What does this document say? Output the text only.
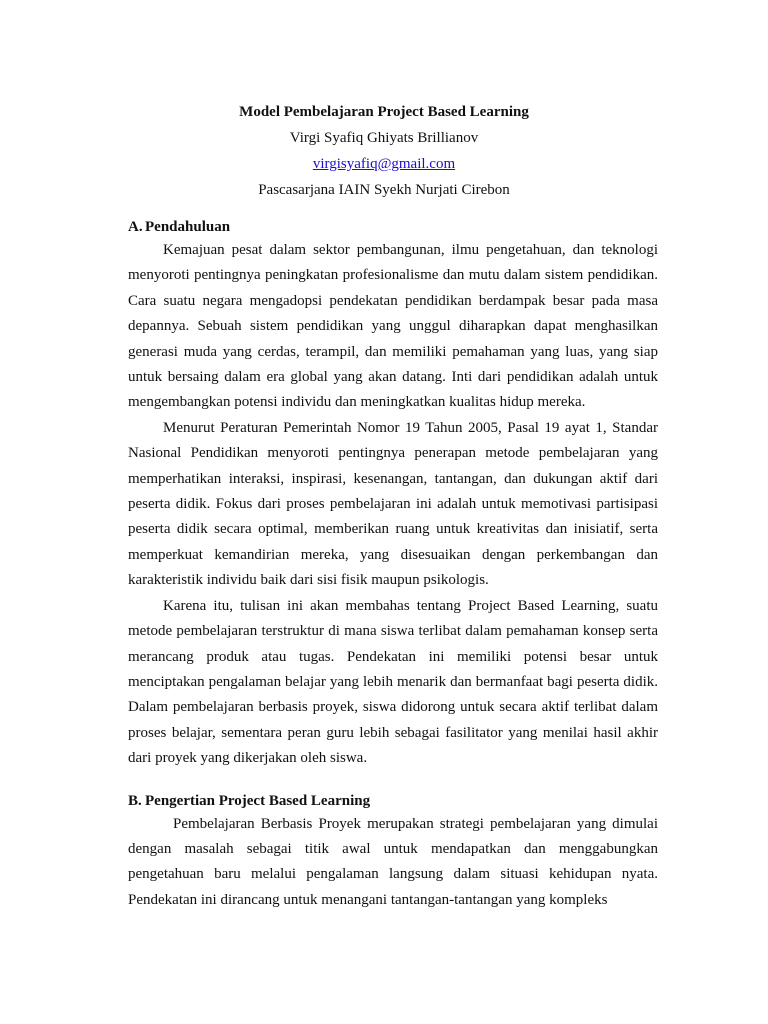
Model Pembelajaran Project Based Learning
Virgi Syafiq Ghiyats Brillianov
virgisyafiq@gmail.com
Pascasarjana IAIN Syekh Nurjati Cirebon

A. Pendahuluan

Kemajuan pesat dalam sektor pembangunan, ilmu pengetahuan, dan teknologi menyoroti pentingnya peningkatan profesionalisme dan mutu dalam sistem pendidikan. Cara suatu negara mengadopsi pendekatan pendidikan berdampak besar pada masa depannya. Sebuah sistem pendidikan yang unggul diharapkan dapat menghasilkan generasi muda yang cerdas, terampil, dan memiliki pemahaman yang luas, yang siap untuk bersaing dalam era global yang akan datang. Inti dari pendidikan adalah untuk mengembangkan potensi individu dan meningkatkan kualitas hidup mereka.

Menurut Peraturan Pemerintah Nomor 19 Tahun 2005, Pasal 19 ayat 1, Standar Nasional Pendidikan menyoroti pentingnya penerapan metode pembelajaran yang memperhatikan interaksi, inspirasi, kesenangan, tantangan, dan dukungan aktif dari peserta didik. Fokus dari proses pembelajaran ini adalah untuk memotivasi partisipasi peserta didik secara optimal, memberikan ruang untuk kreativitas dan inisiatif, serta memperkuat kemandirian mereka, yang disesuaikan dengan perkembangan dan karakteristik individu baik dari sisi fisik maupun psikologis.

Karena itu, tulisan ini akan membahas tentang Project Based Learning, suatu metode pembelajaran terstruktur di mana siswa terlibat dalam pemahaman konsep serta merancang produk atau tugas. Pendekatan ini memiliki potensi besar untuk menciptakan pengalaman belajar yang lebih menarik dan bermanfaat bagi peserta didik. Dalam pembelajaran berbasis proyek, siswa didorong untuk secara aktif terlibat dalam proses belajar, sementara peran guru lebih sebagai fasilitator yang menilai hasil akhir dari proyek yang dikerjakan oleh siswa.

B. Pengertian Project Based Learning

Pembelajaran Berbasis Proyek merupakan strategi pembelajaran yang dimulai dengan masalah sebagai titik awal untuk mendapatkan dan menggabungkan pengetahuan baru melalui pengalaman langsung dalam situasi kehidupan nyata. Pendekatan ini dirancang untuk menangani tantangan-tantangan yang kompleks
